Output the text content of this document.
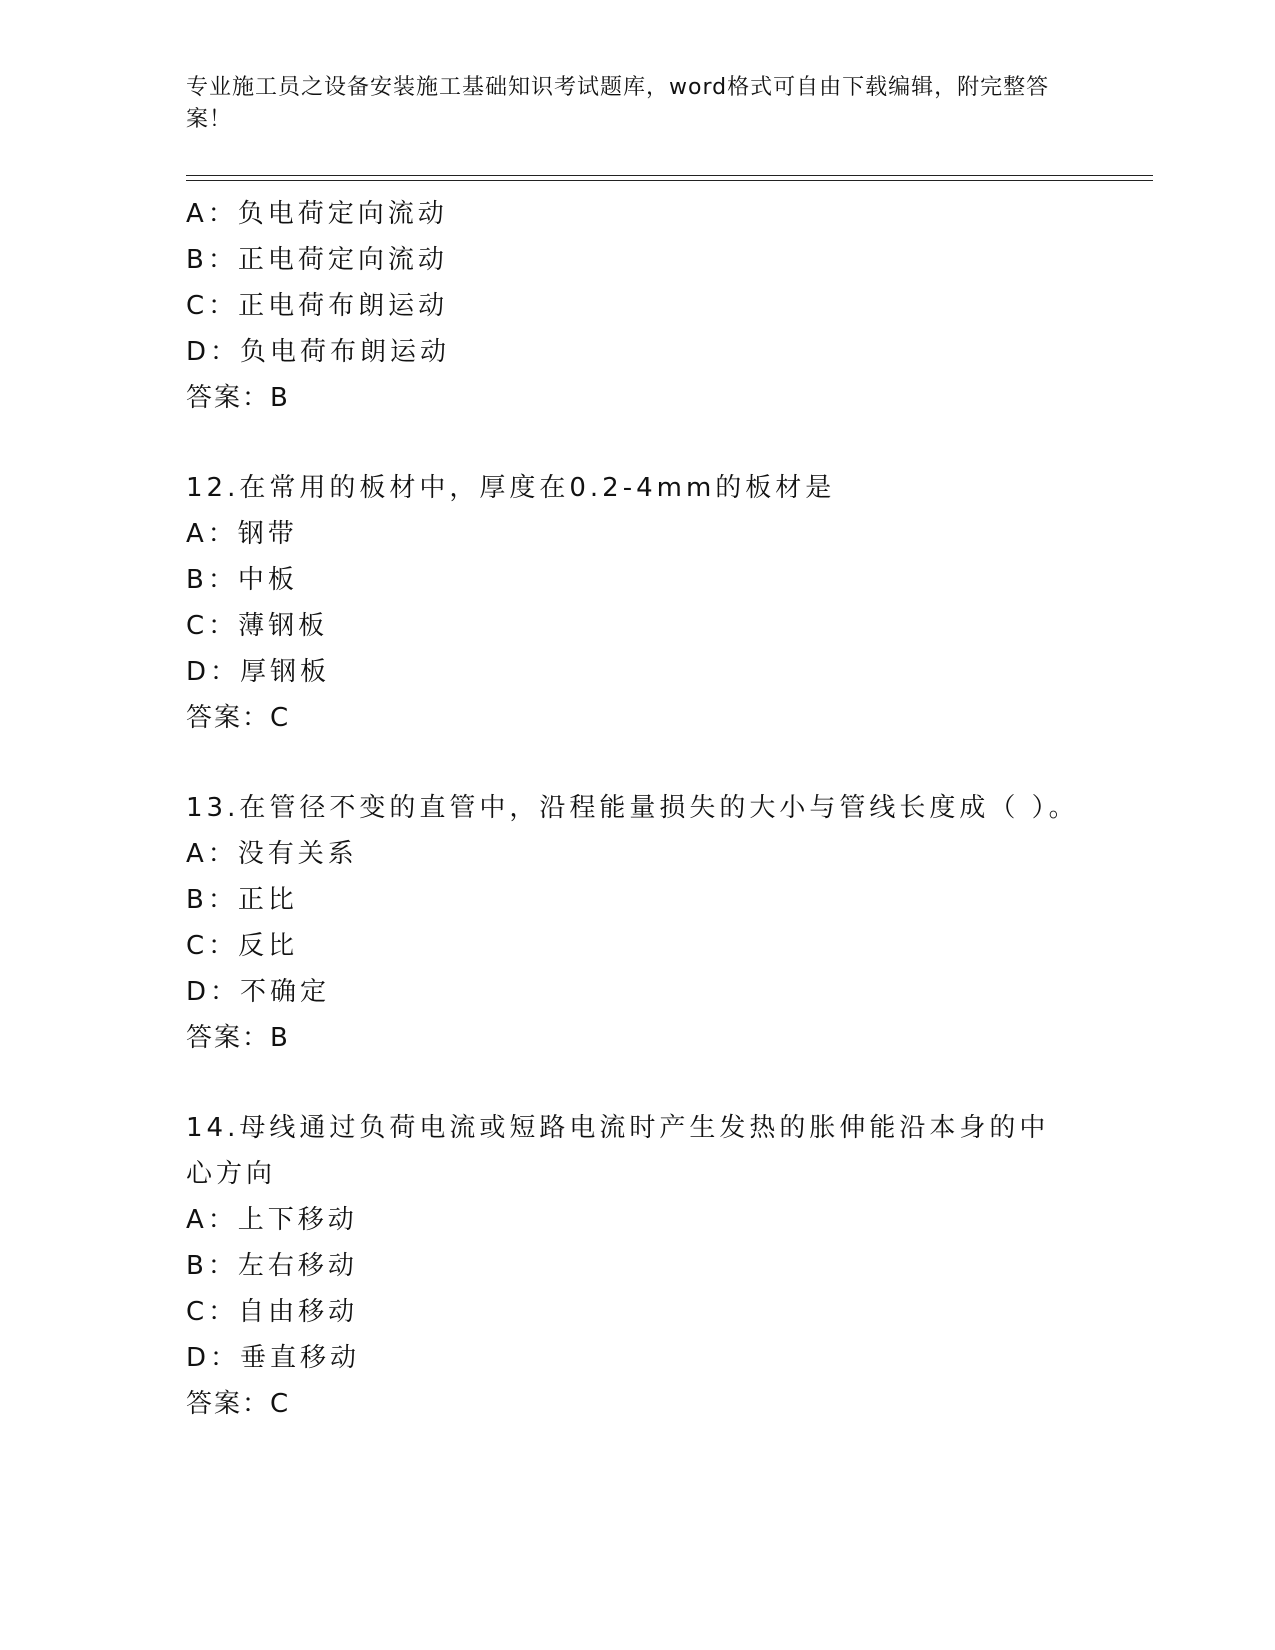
专业施工员之设备安装施工基础知识考试题库，word格式可自由下载编辑，附完整答案！
A：负电荷定向流动
B：正电荷定向流动
C：正电荷布朗运动
D：负电荷布朗运动
答案：B
12.在常用的板材中，厚度在0.2-4mm的板材是
A：钢带
B：中板
C：薄钢板
D：厚钢板
答案：C
13.在管径不变的直管中，沿程能量损失的大小与管线长度成（ ）。
A：没有关系
B：正比
C：反比
D：不确定
答案：B
14.母线通过负荷电流或短路电流时产生发热的胀伸能沿本身的中心方向
A：上下移动
B：左右移动
C：自由移动
D：垂直移动
答案：C
